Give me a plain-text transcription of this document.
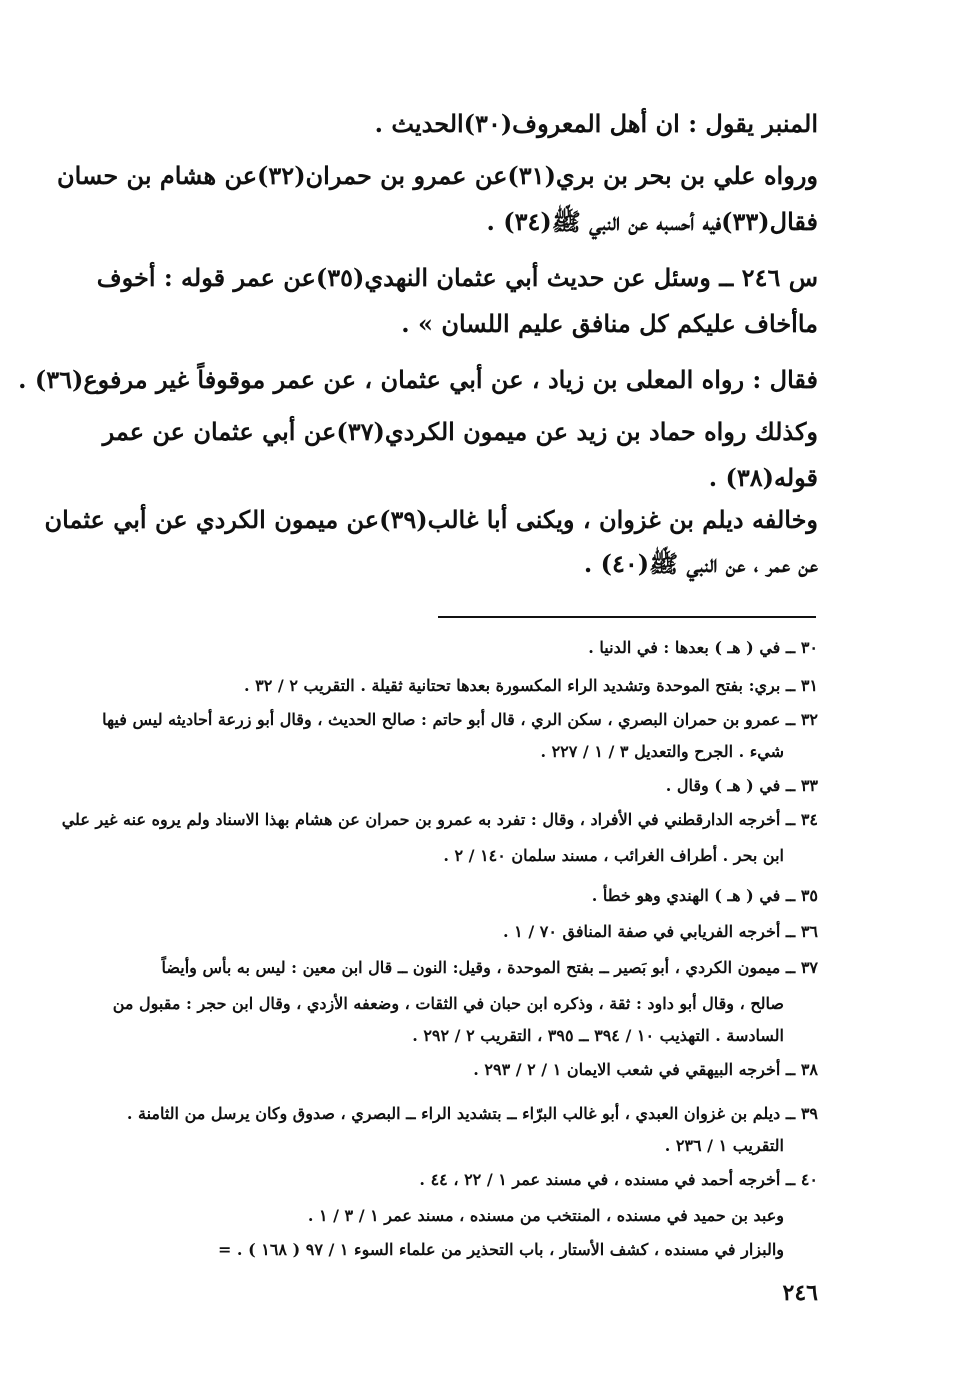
المنبر يقول : ان أهل المعروف(٣٠)الحديث .
ورواه علي بن بحر بن بري(٣١)عن عمرو بن حمران(٣٢)عن هشام بن حسان
فقال(٣٣)فيه أحسبه عن النبي ﷺ(٣٤) .
س ٢٤٦ ــ وسئل عن حديث أبي عثمان النهدي(٣٥)عن عمر قوله : أخوف
ماأخاف عليكم كل منافق عليم اللسان » .
فقال : رواه المعلى بن زياد ، عن أبي عثمان ، عن عمر موقوفاً غير مرفوع(٣٦) .
وكذلك رواه حماد بن زيد عن ميمون الكردي(٣٧)عن أبي عثمان عن عمر
قوله(٣٨) .
وخالفه ديلم بن غزوان ، ويكنى أبا غالب(٣٩)عن ميمون الكردي عن أبي عثمان
عن عمر ، عن النبي ﷺ(٤٠) .
٣٠ ــ في ( هـ ) بعدها : في الدنيا .
٣١ ــ بري: بفتح الموحدة وتشديد الراء المكسورة بعدها تحتانية ثقيلة . التقريب ٢ / ٣٢ .
٣٢ ــ عمرو بن حمران البصري ، سكن الري ، قال أبو حاتم : صالح الحديث ، وقال أبو زرعة أحاديثه ليس فيها
شيء . الجرح والتعديل ٣ / ١ / ٢٢٧ .
٣٣ ــ في ( هـ ) وقال .
٣٤ ــ أخرجه الدارقطني في الأفراد ، وقال : تفرد به عمرو بن حمران عن هشام بهذا الاسناد ولم يروه عنه غير علي
ابن بحر . أطراف الغرائب ، مسند سلمان ١٤٠ / ٢ .
٣٥ ــ في ( هـ ) الهندي وهو خطأ .
٣٦ ــ أخرجه الفريابي في صفة المنافق ٧٠ / ١ .
٣٧ ــ ميمون الكردي ، أبو بَصير ــ بفتح الموحدة ، وقيل: النون ــ قال ابن معين : ليس به بأس وأيضاً
صالح ، وقال أبو داود : ثقة ، وذكره ابن حبان في الثقات ، وضعفه الأزدي ، وقال ابن حجر : مقبول من
السادسة . التهذيب ١٠ / ٣٩٤ ــ ٣٩٥ ، التقريب ٢ / ٢٩٢ .
٣٨ ــ أخرجه البيهقي في شعب الايمان ١ / ٢ / ٢٩٣ .
٣٩ ــ ديلم بن غزوان العبدي ، أبو غالب البرّاء ــ بتشديد الراء ــ البصري ، صدوق وكان يرسل من الثامنة .
التقريب ١ / ٢٣٦ .
٤٠ ــ أخرجه أحمد في مسنده ، في مسند عمر ١ / ٢٢ ، ٤٤ .
وعبد بن حميد في مسنده ، المنتخب من مسنده ، مسند عمر ١ / ٣ / ١ .
والبزار في مسنده ، كشف الأستار ، باب التحذير من علماء السوء ١ / ٩٧ ( ١٦٨ ) . =
٢٤٦
